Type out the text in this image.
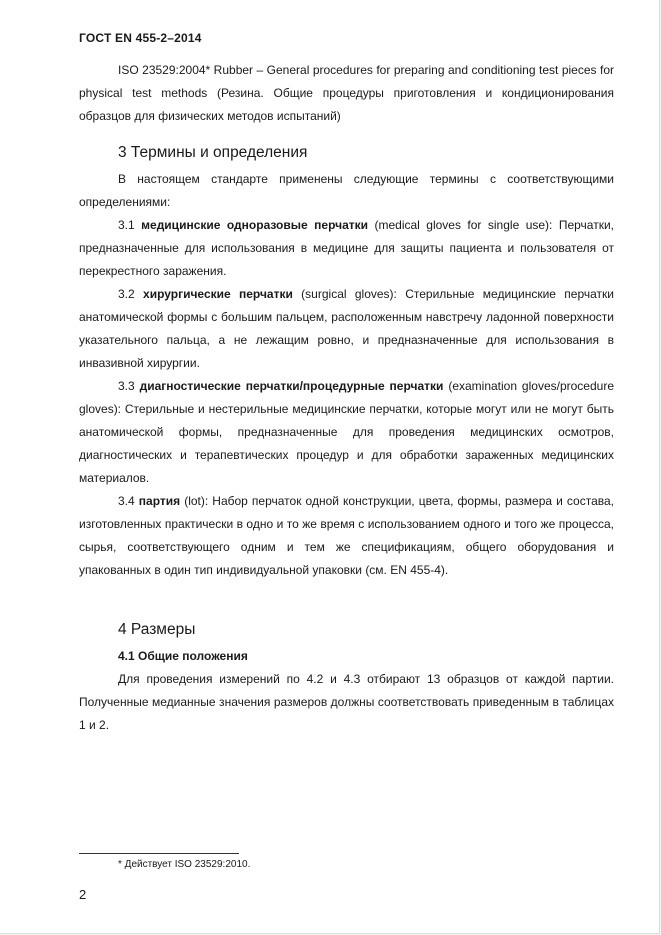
ГОСТ EN 455-2–2014

ISO 23529:2004* Rubber – General procedures for preparing and conditioning test pieces for physical test methods (Резина. Общие процедуры приготовления и кондиционирования образцов для физических методов испытаний)

3 Термины и определения

В настоящем стандарте применены следующие термины с соответствующими определениями:

3.1 медицинские одноразовые перчатки (medical gloves for single use): Перчатки, предназначенные для использования в медицине для защиты пациента и пользователя от перекрестного заражения.

3.2 хирургические перчатки (surgical gloves): Стерильные медицинские перчатки анатомической формы с большим пальцем, расположенным навстречу ладонной поверхности указательного пальца, а не лежащим ровно, и предназначенные для использования в инвазивной хирургии.

3.3 диагностические перчатки/процедурные перчатки (examination gloves/procedure gloves): Стерильные и нестерильные медицинские перчатки, которые могут или не могут быть анатомической формы, предназначенные для проведения медицинских осмотров, диагностических и терапевтических процедур и для обработки зараженных медицинских материалов.

3.4 партия (lot): Набор перчаток одной конструкции, цвета, формы, размера и состава, изготовленных практически в одно и то же время с использованием одного и того же процесса, сырья, соответствующего одним и тем же спецификациям, общего оборудования и упакованных в один тип индивидуальной упаковки (см. EN 455-4).

4 Размеры
4.1 Общие положения

Для проведения измерений по 4.2 и 4.3 отбирают 13 образцов от каждой партии. Полученные медианные значения размеров должны соответствовать приведенным в таблицах 1 и 2.

* Действует ISO 23529:2010.
2
